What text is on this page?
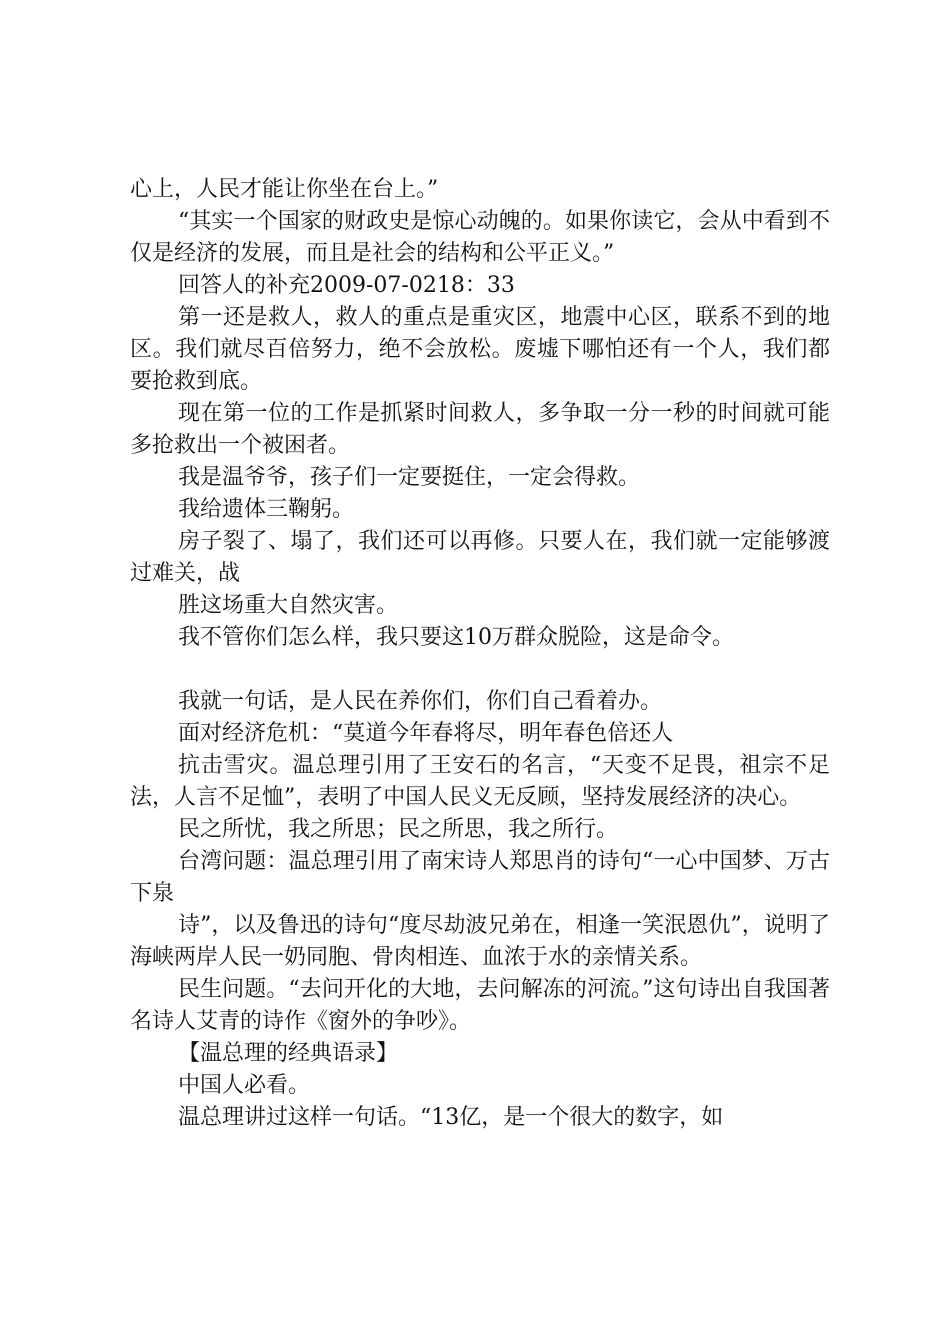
心上，人民才能让你坐在台上。”

“其实一个国家的财政史是惊心动魄的。如果你读它，会从中看到不仅是经济的发展，而且是社会的结构和公平正义。”

回答人的补充2009-07-0218：33

第一还是救人，救人的重点是重灾区，地震中心区，联系不到的地区。我们就尽百倍努力，绝不会放松。废墟下哪怕还有一个人，我们都要抢救到底。

现在第一位的工作是抓紧时间救人，多争取一分一秒的时间就可能多抢救出一个被困者。

我是温爷爷，孩子们一定要挺住，一定会得救。

我给遗体三鞠躬。

房子裂了、塌了，我们还可以再修。只要人在，我们就一定能够渡过难关，战

胜这场重大自然灾害。

我不管你们怎么样，我只要这10万群众脱险，这是命令。

我就一句话，是人民在养你们，你们自己看着办。

面对经济危机：“莫道今年春将尽，明年春色倍还人

抗击雪灾。温总理引用了王安石的名言，“天变不足畏，祖宗不足法，人言不足恤”，表明了中国人民义无反顾，坚持发展经济的决心。

民之所忧，我之所思；民之所思，我之所行。

台湾问题：温总理引用了南宋诗人郑思肖的诗句“一心中国梦、万古下泉

诗”，以及鲁迅的诗句“度尽劫波兄弟在，相逢一笑泯恩仇”，说明了海峡两岸人民一奶同胞、骨肉相连、血浓于水的亲情关系。

民生问题。“去问开化的大地，去问解冻的河流。”这句诗出自我国著名诗人艾青的诗作《窗外的争吵》。

【温总理的经典语录】

中国人必看。

温总理讲过这样一句话。“13亿，是一个很大的数字，如
